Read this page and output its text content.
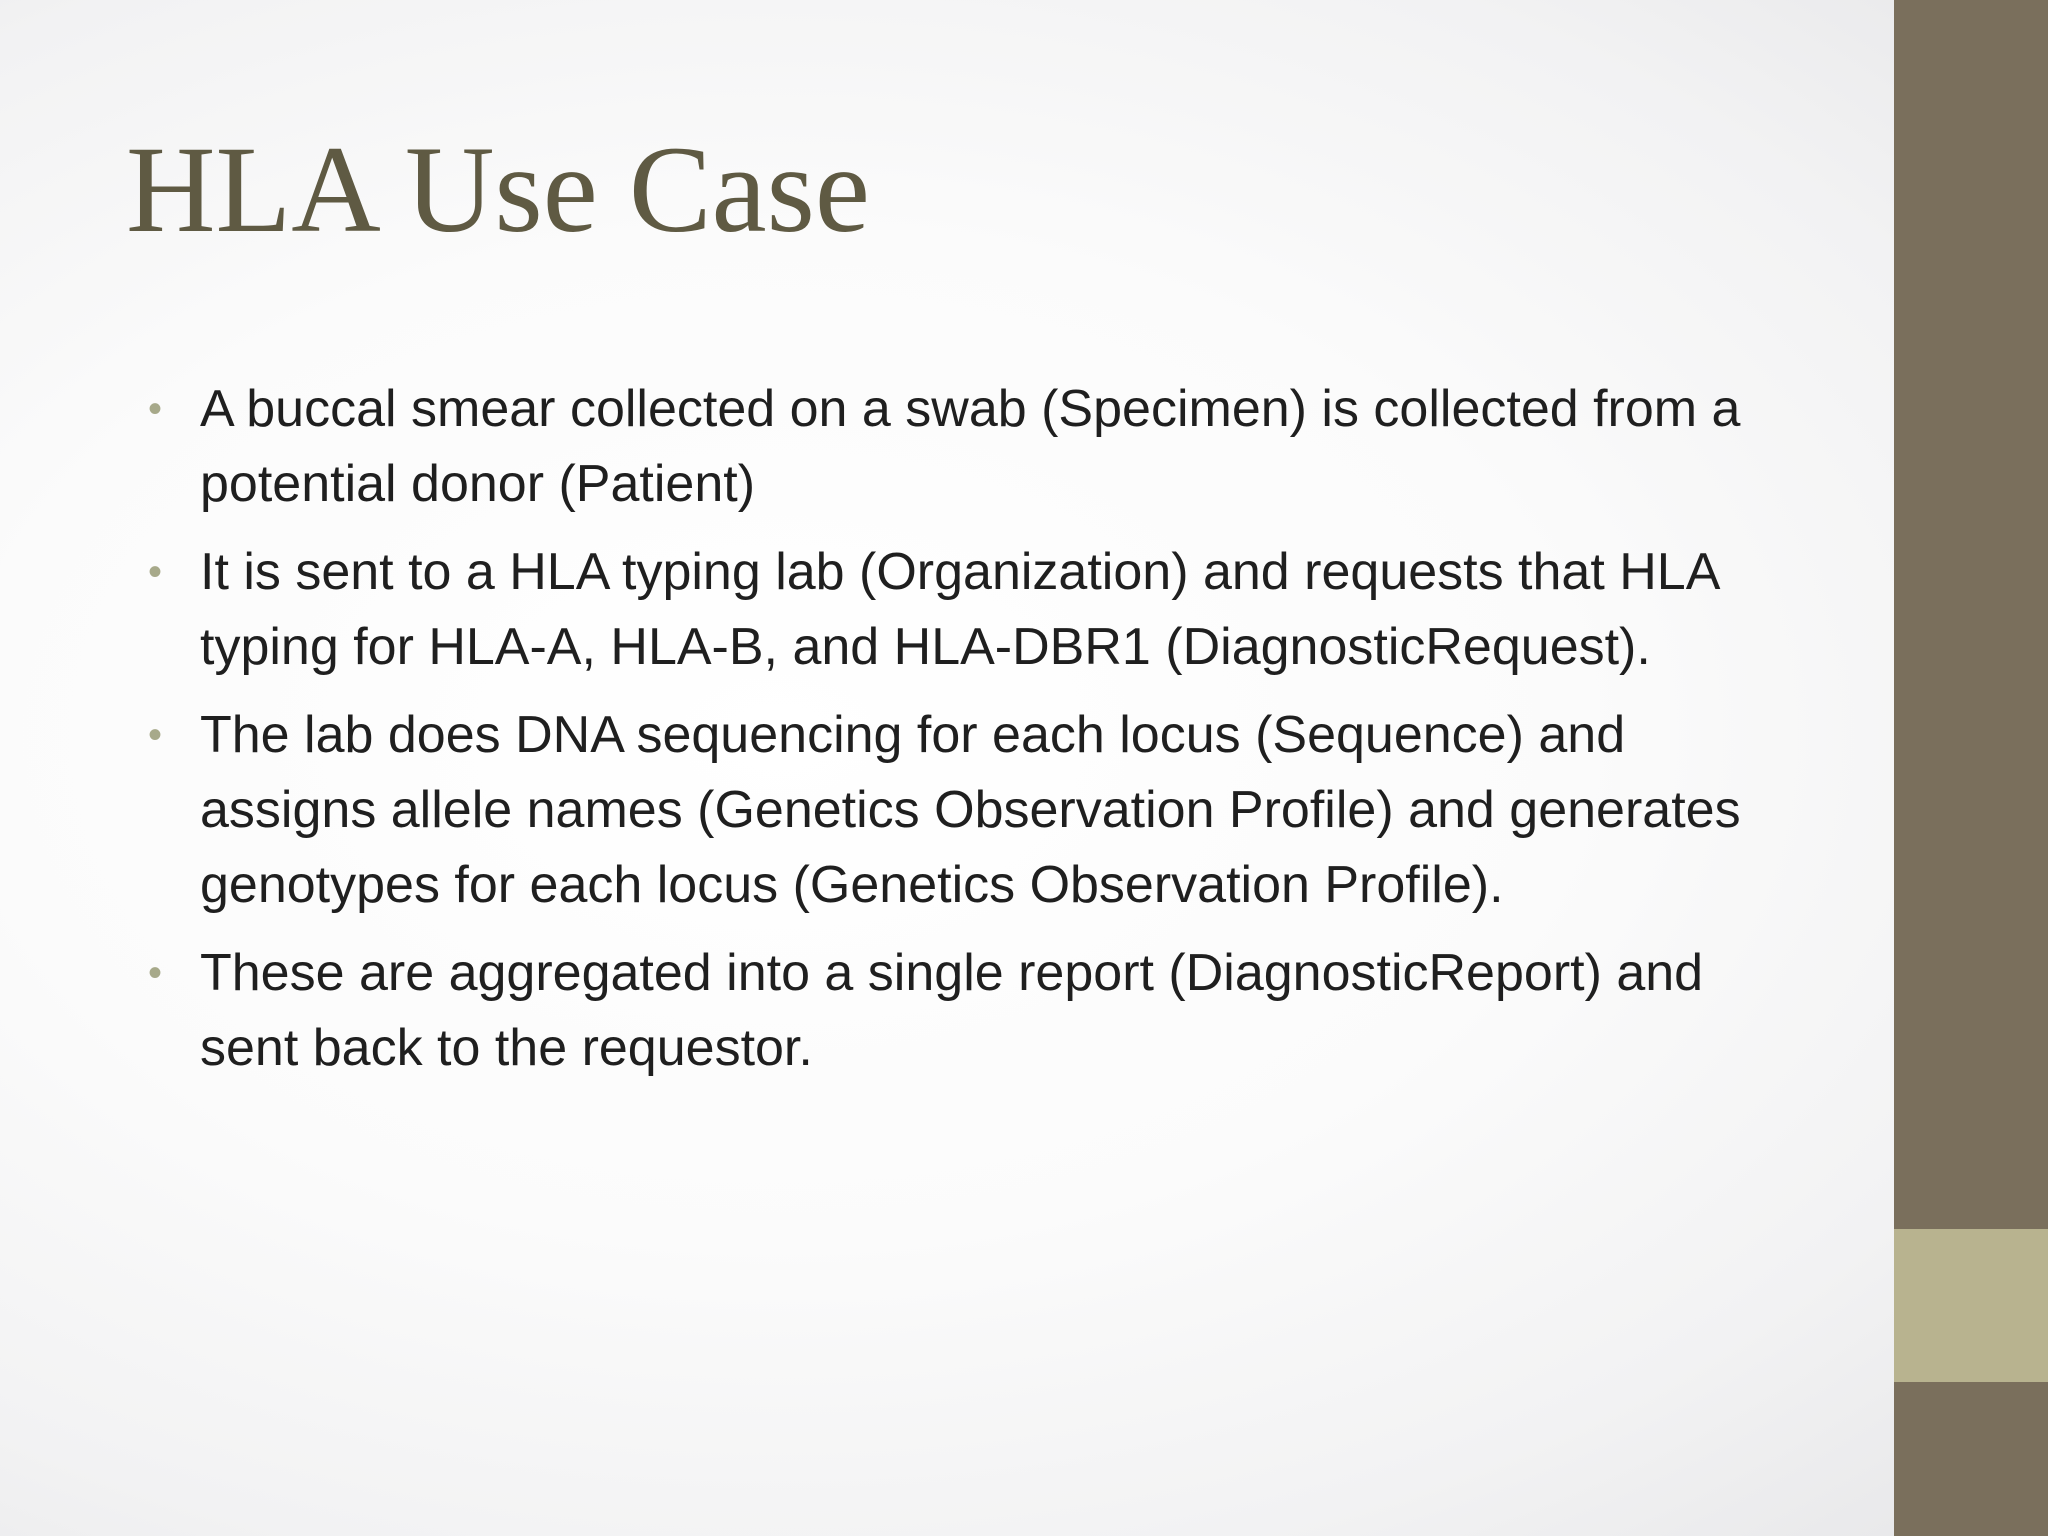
HLA Use Case
• A buccal smear collected on a swab (Specimen) is collected from a potential donor (Patient)
• It is sent to a HLA typing lab (Organization) and requests that HLA typing for HLA-A, HLA-B, and HLA-DBR1 (DiagnosticRequest).
• The lab does DNA sequencing for each locus (Sequence) and assigns allele names (Genetics Observation Profile) and generates genotypes for each locus (Genetics Observation Profile).
• These are aggregated into a single report (DiagnosticReport) and sent back to the requestor.
